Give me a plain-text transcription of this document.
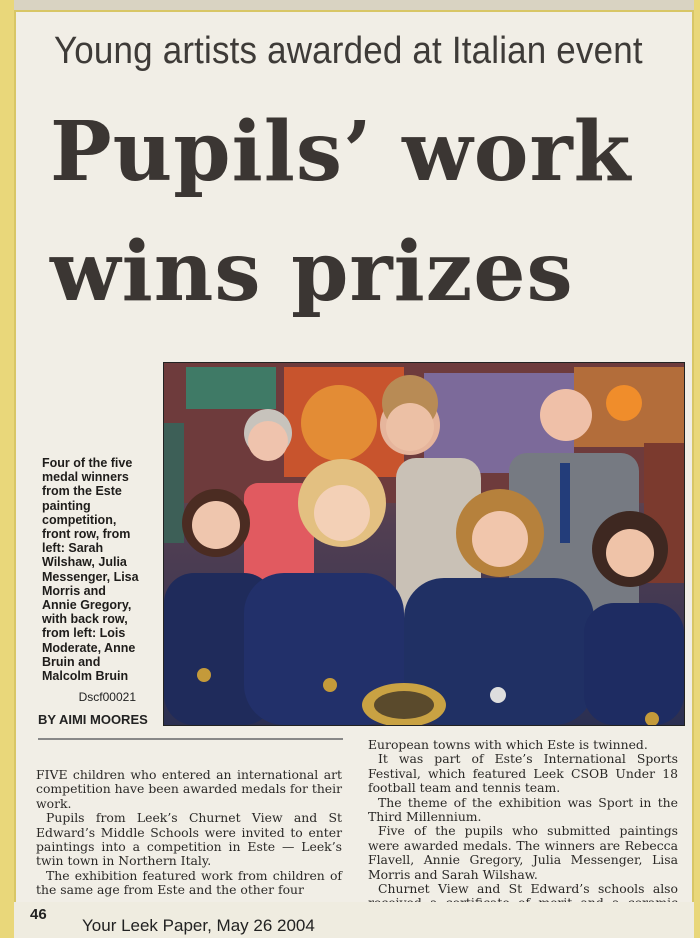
Young artists awarded at Italian event
Pupils’ work
wins prizes
Four of the five medal winners from the Este painting competition, front row, from left: Sarah Wilshaw, Julia Messenger, Lisa Morris and Annie Gregory, with back row, from left: Lois Moderate, Anne Bruin and Malcolm Bruin
Dscf00021
BY AIMI MOORES

FIVE children who entered an international art competition have been awarded medals for their work.

Pupils from Leek’s Churnet View and St Edward’s Middle Schools were invited to enter paintings into a competition in Este — Leek’s twin town in Northern Italy.

The exhibition featured work from children of the same age from Este and the other four

European towns with which Este is twinned.

It was part of Este’s International Sports Festival, which featured Leek CSOB Under 18 football team and tennis team.

The theme of the exhibition was Sport in the Third Millennium.

Five of the pupils who submitted paintings were awarded medals. The winners are Rebecca Flavell, Annie Gregory, Julia Messenger, Lisa Morris and Sarah Wilshaw.

Churnet View and St Edward’s schools also

46
Your Leek Paper, May 26 2004
